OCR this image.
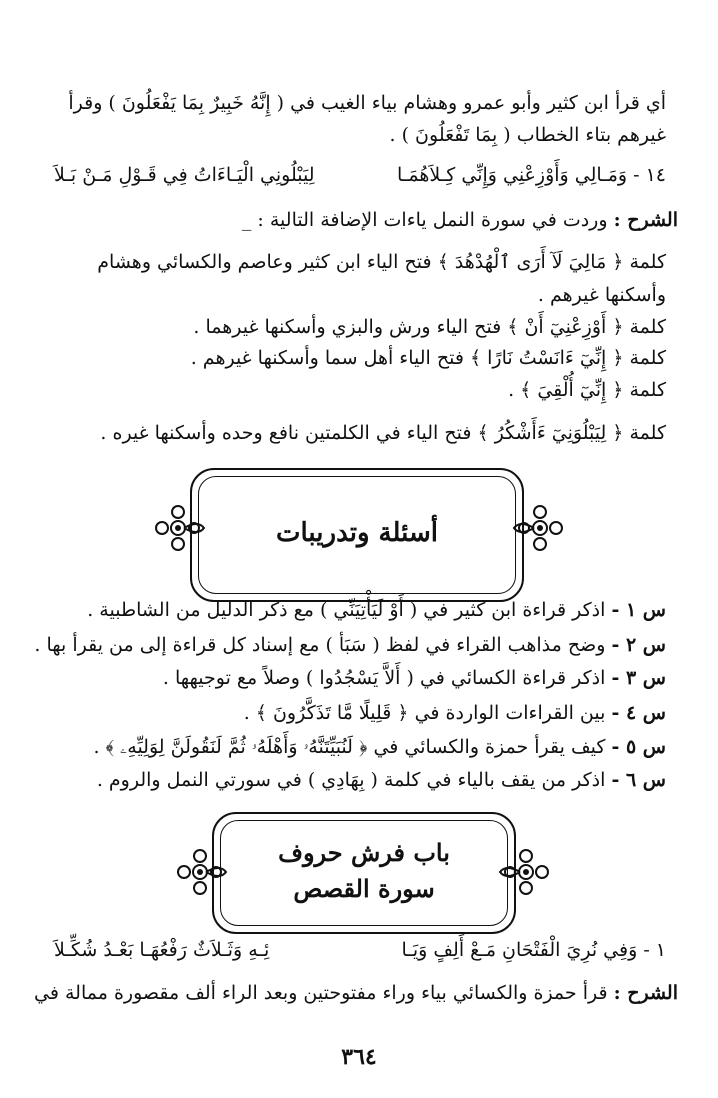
أي قرأ ابن كثير وأبو عمرو وهشام بياء الغيب في ( إِنَّهُ خَبِيرٌ بِمَا يَفْعَلُونَ ) وقرأ
غيرهم بتاء الخطاب ( بِمَا تَفْعَلُونَ ) .
١٤ - وَمَـالِي وَأَوْزِعْنِي وَإِنِّي كِـلاَهُمَـا
لِيَبْلُونِي الْيَـاءَاتُ فِي قَـوْلِ مَـنْ بَـلاَ
الشرح : وردت في سورة النمل ياءات الإضافة التالية : _
كلمة ﴿ مَالِيَ لَآ أَرَى ٱلْهُدْهُدَ ﴾ فتح الياء ابن كثير وعاصم والكسائي وهشام
وأسكنها غيرهم .
كلمة ﴿ أَوْزِعْنِيٓ أَنْ ﴾ فتح الياء ورش والبزي وأسكنها غيرهما .
كلمة ﴿ إِنِّيٓ ءَانَسْتُ نَارًا ﴾ فتح الياء أهل سما وأسكنها غيرهم .
كلمة ﴿ إِنِّيٓ أُلْقِيَ ﴾ .
كلمة ﴿ لِيَبْلُوَنِيٓ ءَأَشْكُرُ ﴾ فتح الياء في الكلمتين نافع وحده وأسكنها غيره .
أسئلة وتدريبات
س ١ - اذكر قراءة ابن كثير في ( أَوْ لَيَأْتِيَنِّي ) مع ذكر الدليل من الشاطبية .
س ٢ - وضح مذاهب القراء في لفظ ( سَبَأ ) مع إسناد كل قراءة إلى من يقرأ بها .
س ٣ - اذكر قراءة الكسائي في ( أَلاَّ يَسْجُدُوا ) وصلاً مع توجيهها .
س ٤ - بين القراءات الواردة في ﴿ قَلِيلًا مَّا تَذَكَّرُونَ ﴾ .
س ٥ - كيف يقرأ حمزة والكسائي في ﴿ لَنُبَيِّتَنَّهُۥ وَأَهْلَهُۥ ثُمَّ لَنَقُولَنَّ لِوَلِيِّهِۦ ﴾ .
س ٦ - اذكر من يقف بالياء في كلمة ( بِهَادِي ) في سورتي النمل والروم .
باب فرش حروف
سورة القصص
١ - وَفِي نُرِيَ الْفَتْحَانِ مَـعْ أَلِفٍ وَيَـا
ئِـهِ وَثَـلاَثٌ رَفْعُهَـا بَعْـدُ شُكِّـلاَ
الشرح : قرأ حمزة والكسائي بياء وراء مفتوحتين وبعد الراء ألف مقصورة ممالة في
٣٦٤
